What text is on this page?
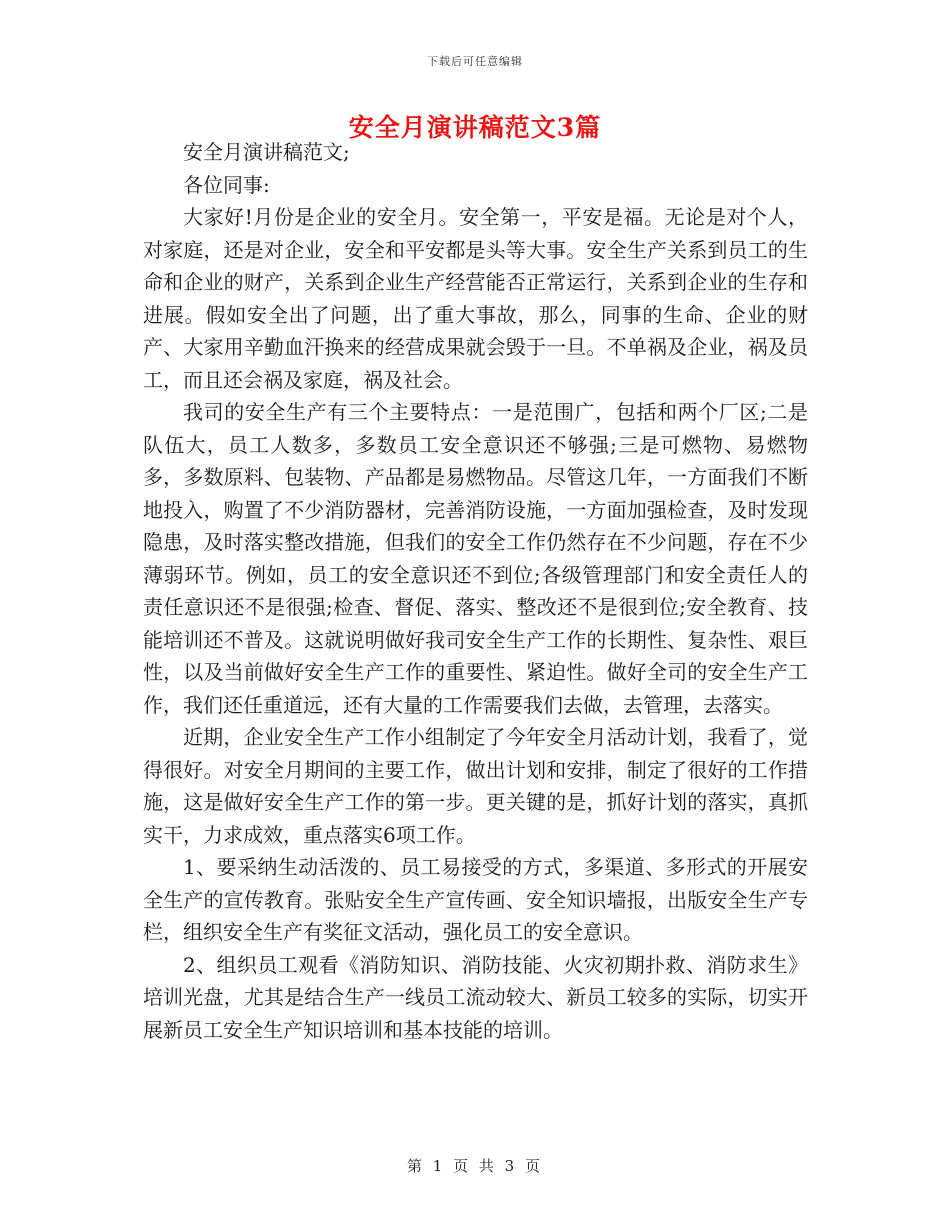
下载后可任意编辑
安全月演讲稿范文3篇

安全月演讲稿范文;

各位同事:

大家好!月份是企业的安全月。安全第一，平安是福。无论是对个人，对家庭，还是对企业，安全和平安都是头等大事。安全生产关系到员工的生命和企业的财产，关系到企业生产经营能否正常运行，关系到企业的生存和进展。假如安全出了问题，出了重大事故，那么，同事的生命、企业的财产、大家用辛勤血汗换来的经营成果就会毁于一旦。不单祸及企业，祸及员工，而且还会祸及家庭，祸及社会。

我司的安全生产有三个主要特点：一是范围广，包括和两个厂区;二是队伍大，员工人数多，多数员工安全意识还不够强;三是可燃物、易燃物多，多数原料、包装物、产品都是易燃物品。尽管这几年，一方面我们不断地投入，购置了不少消防器材，完善消防设施，一方面加强检查，及时发现隐患，及时落实整改措施，但我们的安全工作仍然存在不少问题，存在不少薄弱环节。例如，员工的安全意识还不到位;各级管理部门和安全责任人的责任意识还不是很强;检查、督促、落实、整改还不是很到位;安全教育、技能培训还不普及。这就说明做好我司安全生产工作的长期性、复杂性、艰巨性，以及当前做好安全生产工作的重要性、紧迫性。做好全司的安全生产工作，我们还任重道远，还有大量的工作需要我们去做，去管理，去落实。

近期，企业安全生产工作小组制定了今年安全月活动计划，我看了，觉得很好。对安全月期间的主要工作，做出计划和安排，制定了很好的工作措施，这是做好安全生产工作的第一步。更关键的是，抓好计划的落实，真抓实干，力求成效，重点落实6项工作。

1、要采纳生动活泼的、员工易接受的方式，多渠道、多形式的开展安全生产的宣传教育。张贴安全生产宣传画、安全知识墙报，出版安全生产专栏，组织安全生产有奖征文活动，强化员工的安全意识。

2、组织员工观看《消防知识、消防技能、火灾初期扑救、消防求生》培训光盘，尤其是结合生产一线员工流动较大、新员工较多的实际，切实开展新员工安全生产知识培训和基本技能的培训。

第 1 页 共 3 页
